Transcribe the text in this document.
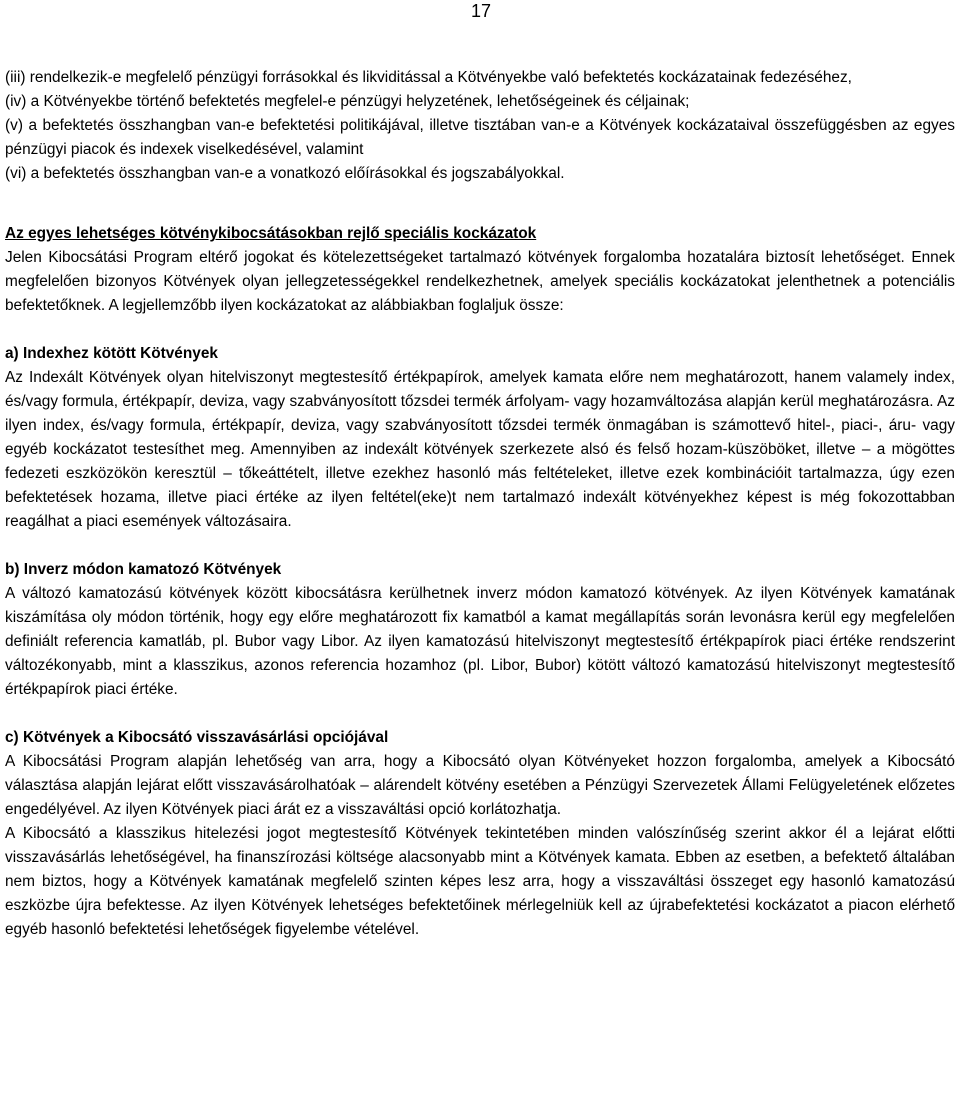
17

(iii) rendelkezik-e megfelelő pénzügyi forrásokkal és likviditással a Kötvényekbe való befektetés kockázatainak fedezéséhez,

(iv) a Kötvényekbe történő befektetés megfelel-e pénzügyi helyzetének, lehetőségeinek és céljainak;

(v) a befektetés összhangban van-e befektetési politikájával, illetve tisztában van-e a Kötvények kockázataival összefüggésben az egyes pénzügyi piacok és indexek viselkedésével, valamint

(vi) a befektetés összhangban van-e a vonatkozó előírásokkal és jogszabályokkal.

Az egyes lehetséges kötvénykibocsátásokban rejlő speciális kockázatok

Jelen Kibocsátási Program eltérő jogokat és kötelezettségeket tartalmazó kötvények forgalomba hozatalára biztosít lehetőséget. Ennek megfelelően bizonyos Kötvények olyan jellegzetességekkel rendelkezhetnek, amelyek speciális kockázatokat jelenthetnek a potenciális befektetőknek. A legjellemzőbb ilyen kockázatokat az alábbiakban foglaljuk össze:

a) Indexhez kötött Kötvények

Az Indexált Kötvények olyan hitelviszonyt megtestesítő értékpapírok, amelyek kamata előre nem meghatározott, hanem valamely index, és/vagy formula, értékpapír, deviza, vagy szabványosított tőzsdei termék árfolyam- vagy hozamváltozása alapján kerül meghatározásra. Az ilyen index, és/vagy formula, értékpapír, deviza, vagy szabványosított tőzsdei termék önmagában is számottevő hitel-, piaci-, áru- vagy egyéb kockázatot testesíthet meg. Amennyiben az indexált kötvények szerkezete alsó és felső hozam-küszöböket, illetve – a mögöttes fedezeti eszközökön keresztül – tőkeáttételt, illetve ezekhez hasonló más feltételeket, illetve ezek kombinációit tartalmazza, úgy ezen befektetések hozama, illetve piaci értéke az ilyen feltétel(eke)t nem tartalmazó indexált kötvényekhez képest is még fokozottabban reagálhat a piaci események változásaira.

b) Inverz módon kamatozó Kötvények

A változó kamatozású kötvények között kibocsátásra kerülhetnek inverz módon kamatozó kötvények. Az ilyen Kötvények kamatának kiszámítása oly módon történik, hogy egy előre meghatározott fix kamatból a kamat megállapítás során levonásra kerül egy megfelelően definiált referencia kamatláb, pl. Bubor vagy Libor. Az ilyen kamatozású hitelviszonyt megtestesítő értékpapírok piaci értéke rendszerint változékonyabb, mint a klasszikus, azonos referencia hozamhoz (pl. Libor, Bubor) kötött változó kamatozású hitelviszonyt megtestesítő értékpapírok piaci értéke.

c) Kötvények a Kibocsátó visszavásárlási opciójával

A Kibocsátási Program alapján lehetőség van arra, hogy a Kibocsátó olyan Kötvényeket hozzon forgalomba, amelyek a Kibocsátó választása alapján lejárat előtt visszavásárolhatóak – alárendelt kötvény esetében a Pénzügyi Szervezetek Állami Felügyeletének előzetes engedélyével. Az ilyen Kötvények piaci árát ez a visszaváltási opció korlátozhatja.

A Kibocsátó a klasszikus hitelezési jogot megtestesítő Kötvények tekintetében minden valószínűség szerint akkor él a lejárat előtti visszavásárlás lehetőségével, ha finanszírozási költsége alacsonyabb mint a Kötvények kamata. Ebben az esetben, a befektető általában nem biztos, hogy a Kötvények kamatának megfelelő szinten képes lesz arra, hogy a visszaváltási összeget egy hasonló kamatozású eszközbe újra befektesse. Az ilyen Kötvények lehetséges befektetőinek mérlegelniük kell az újrabefektetési kockázatot a piacon elérhető egyéb hasonló befektetési lehetőségek figyelembe vételével.
